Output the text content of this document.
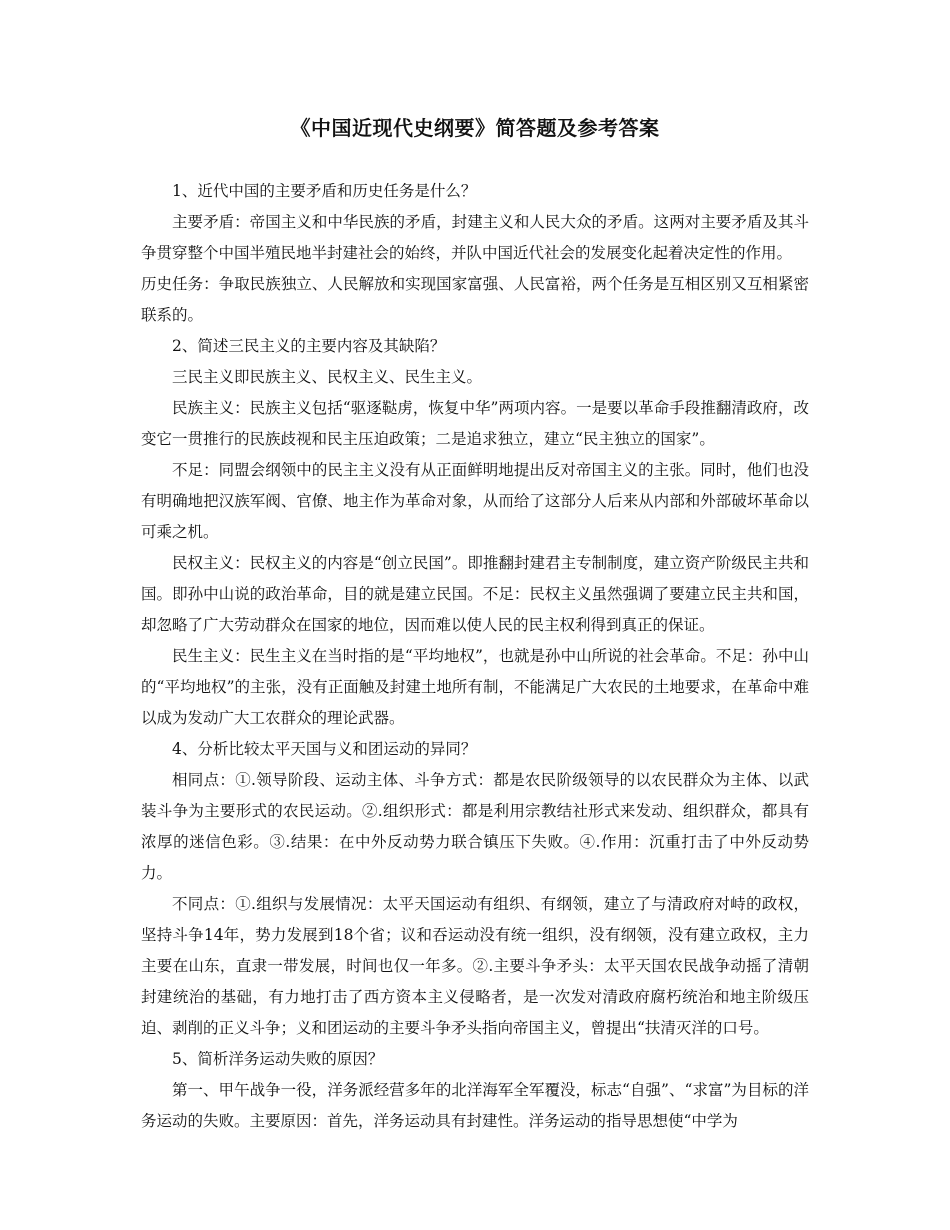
《中国近现代史纲要》简答题及参考答案

1、近代中国的主要矛盾和历史任务是什么？

主要矛盾：帝国主义和中华民族的矛盾，封建主义和人民大众的矛盾。这两对主要矛盾及其斗争贯穿整个中国半殖民地半封建社会的始终，并队中国近代社会的发展变化起着决定性的作用。

历史任务：争取民族独立、人民解放和实现国家富强、人民富裕，两个任务是互相区别又互相紧密联系的。

2、简述三民主义的主要内容及其缺陷？

三民主义即民族主义、民权主义、民生主义。

民族主义：民族主义包括“驱逐鞑虏，恢复中华”两项内容。一是要以革命手段推翻清政府，改变它一贯推行的民族歧视和民主压迫政策；二是追求独立，建立“民主独立的国家”。

不足：同盟会纲领中的民主主义没有从正面鲜明地提出反对帝国主义的主张。同时，他们也没有明确地把汉族军阀、官僚、地主作为革命对象，从而给了这部分人后来从内部和外部破坏革命以可乘之机。

民权主义：民权主义的内容是“创立民国”。即推翻封建君主专制制度，建立资产阶级民主共和国。即孙中山说的政治革命，目的就是建立民国。不足：民权主义虽然强调了要建立民主共和国，却忽略了广大劳动群众在国家的地位，因而难以使人民的民主权利得到真正的保证。

民生主义：民生主义在当时指的是“平均地权”，也就是孙中山所说的社会革命。不足：孙中山的“平均地权”的主张，没有正面触及封建土地所有制，不能满足广大农民的土地要求，在革命中难以成为发动广大工农群众的理论武器。

4、分析比较太平天国与义和团运动的异同？

相同点：①.领导阶段、运动主体、斗争方式：都是农民阶级领导的以农民群众为主体、以武装斗争为主要形式的农民运动。②.组织形式：都是利用宗教结社形式来发动、组织群众，都具有浓厚的迷信色彩。③.结果：在中外反动势力联合镇压下失败。④.作用：沉重打击了中外反动势力。

不同点：①.组织与发展情况：太平天国运动有组织、有纲领，建立了与清政府对峙的政权，坚持斗争14年，势力发展到18个省；议和吞运动没有统一组织，没有纲领，没有建立政权，主力主要在山东，直隶一带发展，时间也仅一年多。②.主要斗争矛头：太平天国农民战争动摇了清朝封建统治的基础，有力地打击了西方资本主义侵略者，是一次发对清政府腐朽统治和地主阶级压迫、剥削的正义斗争；义和团运动的主要斗争矛头指向帝国主义，曾提出“扶清灭洋的口号。

5、简析洋务运动失败的原因？

第一、甲午战争一役，洋务派经营多年的北洋海军全军覆没，标志“自强”、“求富”为目标的洋务运动的失败。主要原因：首先，洋务运动具有封建性。洋务运动的指导思想使“中学为
